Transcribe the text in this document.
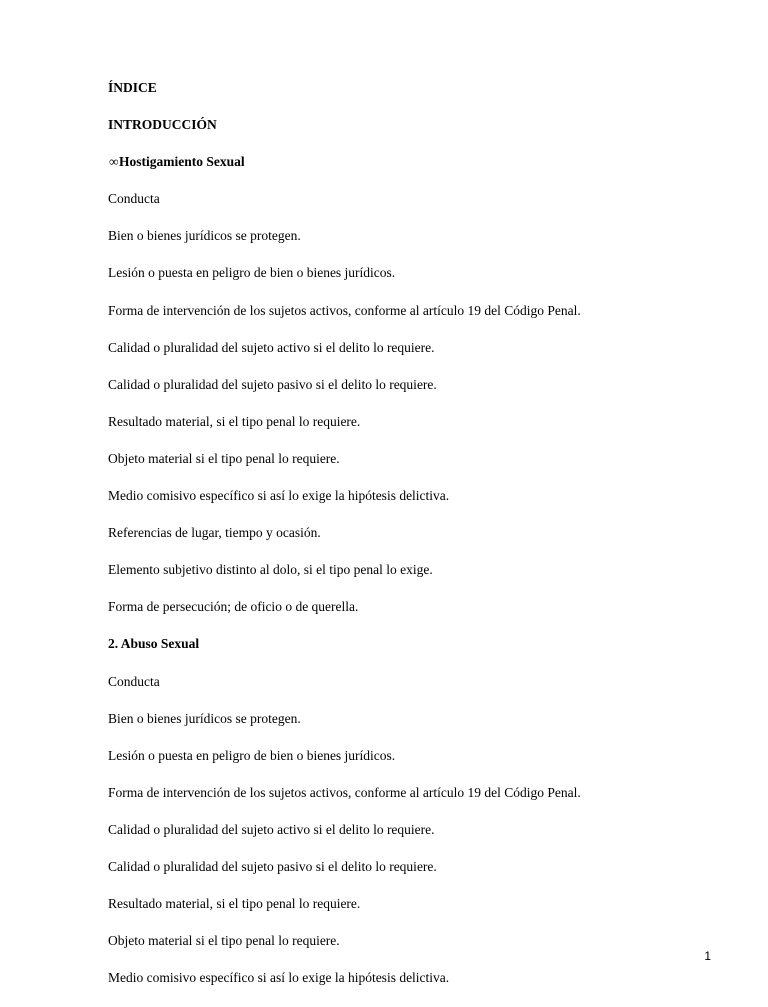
ÍNDICE
INTRODUCCIÓN
∞Hostigamiento Sexual
Conducta
Bien o bienes jurídicos se protegen.
Lesión o puesta en peligro de bien o bienes jurídicos.
Forma de intervención de los sujetos activos, conforme al artículo 19 del Código Penal.
Calidad o pluralidad del sujeto activo si el delito lo requiere.
Calidad o pluralidad del sujeto pasivo si el delito lo requiere.
Resultado material, si el tipo penal lo requiere.
Objeto material si el tipo penal lo requiere.
Medio comisivo específico si así lo exige la hipótesis delictiva.
Referencias de lugar, tiempo y ocasión.
Elemento subjetivo distinto al dolo, si el tipo penal lo exige.
Forma de persecución; de oficio o de querella.
2. Abuso Sexual
Conducta
Bien o bienes jurídicos se protegen.
Lesión o puesta en peligro de bien o bienes jurídicos.
Forma de intervención de los sujetos activos, conforme al artículo 19 del Código Penal.
Calidad o pluralidad del sujeto activo si el delito lo requiere.
Calidad o pluralidad del sujeto pasivo si el delito lo requiere.
Resultado material, si el tipo penal lo requiere.
Objeto material si el tipo penal lo requiere.
Medio comisivo específico si así lo exige la hipótesis delictiva.
1
